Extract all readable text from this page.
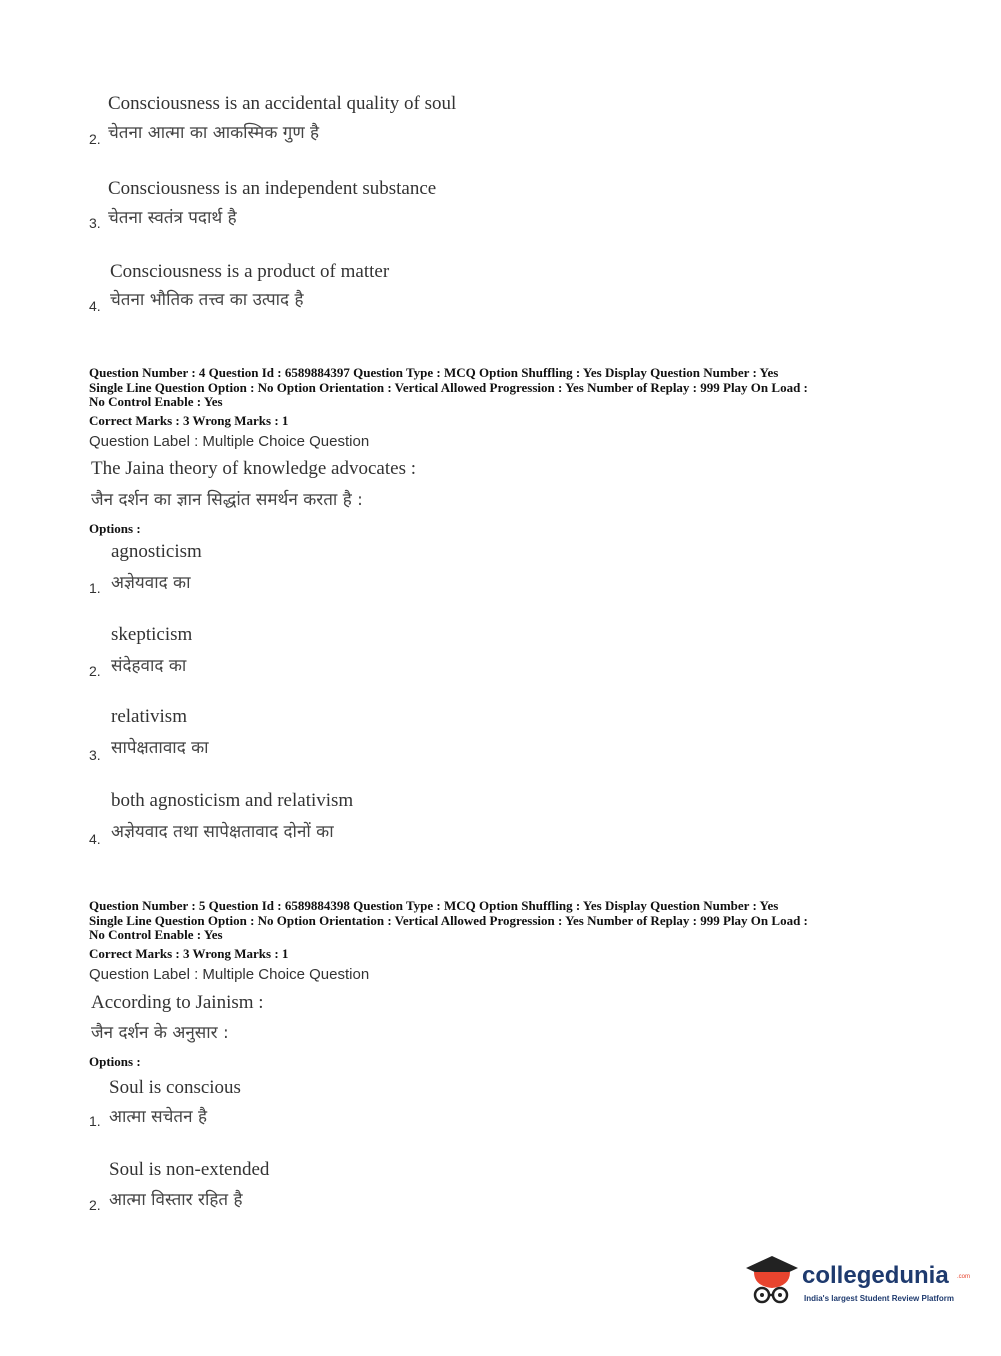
Consciousness is an accidental quality of soul
चेतना आत्मा का आकस्मिक गुण है
2.
Consciousness is an independent substance
चेतना स्वतंत्र पदार्थ है
3.
Consciousness is a product of matter
चेतना भौतिक तत्त्व का उत्पाद है
4.
Question Number : 4 Question Id : 6589884397 Question Type : MCQ Option Shuffling : Yes Display Question Number : Yes
Single Line Question Option : No Option Orientation : Vertical Allowed Progression : Yes Number of Replay : 999 Play On Load :
No Control Enable : Yes
Correct Marks : 3 Wrong Marks : 1
Question Label : Multiple Choice Question
The Jaina theory of knowledge advocates :
जैन दर्शन का ज्ञान सिद्धांत समर्थन करता है :
Options :
agnosticism
अज्ञेयवाद का
1.
skepticism
संदेहवाद का
2.
relativism
सापेक्षतावाद का
3.
both agnosticism and relativism
अज्ञेयवाद तथा सापेक्षतावाद दोनों का
4.
Question Number : 5 Question Id : 6589884398 Question Type : MCQ Option Shuffling : Yes Display Question Number : Yes
Single Line Question Option : No Option Orientation : Vertical Allowed Progression : Yes Number of Replay : 999 Play On Load :
No Control Enable : Yes
Correct Marks : 3 Wrong Marks : 1
Question Label : Multiple Choice Question
According to Jainism :
जैन दर्शन के अनुसार :
Options :
Soul is conscious
आत्मा सचेतन है
1.
Soul is non-extended
आत्मा विस्तार रहित है
2.
collegedunia .com
India's largest Student Review Platform
